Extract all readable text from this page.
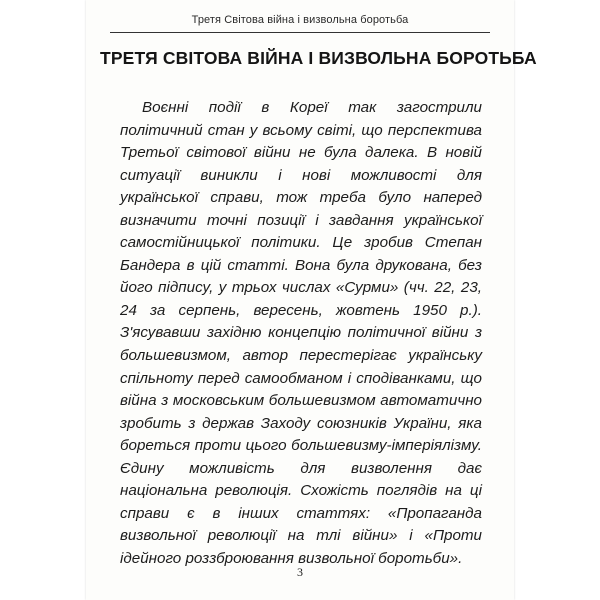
Третя Світова війна і визвольна боротьба
ТРЕТЯ СВІТОВА ВІЙНА І ВИЗВОЛЬНА БОРОТЬБА

Воєнні події в Кореї так загострили політичний стан у всьому світі, що перспектива Третьої світової війни не була далека. В новій ситуації виникли і нові можливості для української справи, тож треба було наперед визначити точні позиції і завдання української самостійницької політики. Це зробив Степан Бандера в цій статті. Вона була друкована, без його підпису, у трьох числах «Сурми» (чч. 22, 23, 24 за серпень, вересень, жовтень 1950 р.). З'ясувавши західню концепцію політичної війни з большевизмом, автор перестерігає українську спільноту перед самообманом і сподіванками, що війна з московським большевизмом автоматично зробить з держав Заходу союзників України, яка бореться проти цього большевизму-імперіялізму. Єдину можливість для визволення дає національна революція. Схожість поглядів на ці справи є в інших статтях: «Пропаганда визвольної революції на тлі війни» і «Проти ідейного роззброювання визвольної боротьби».

3
